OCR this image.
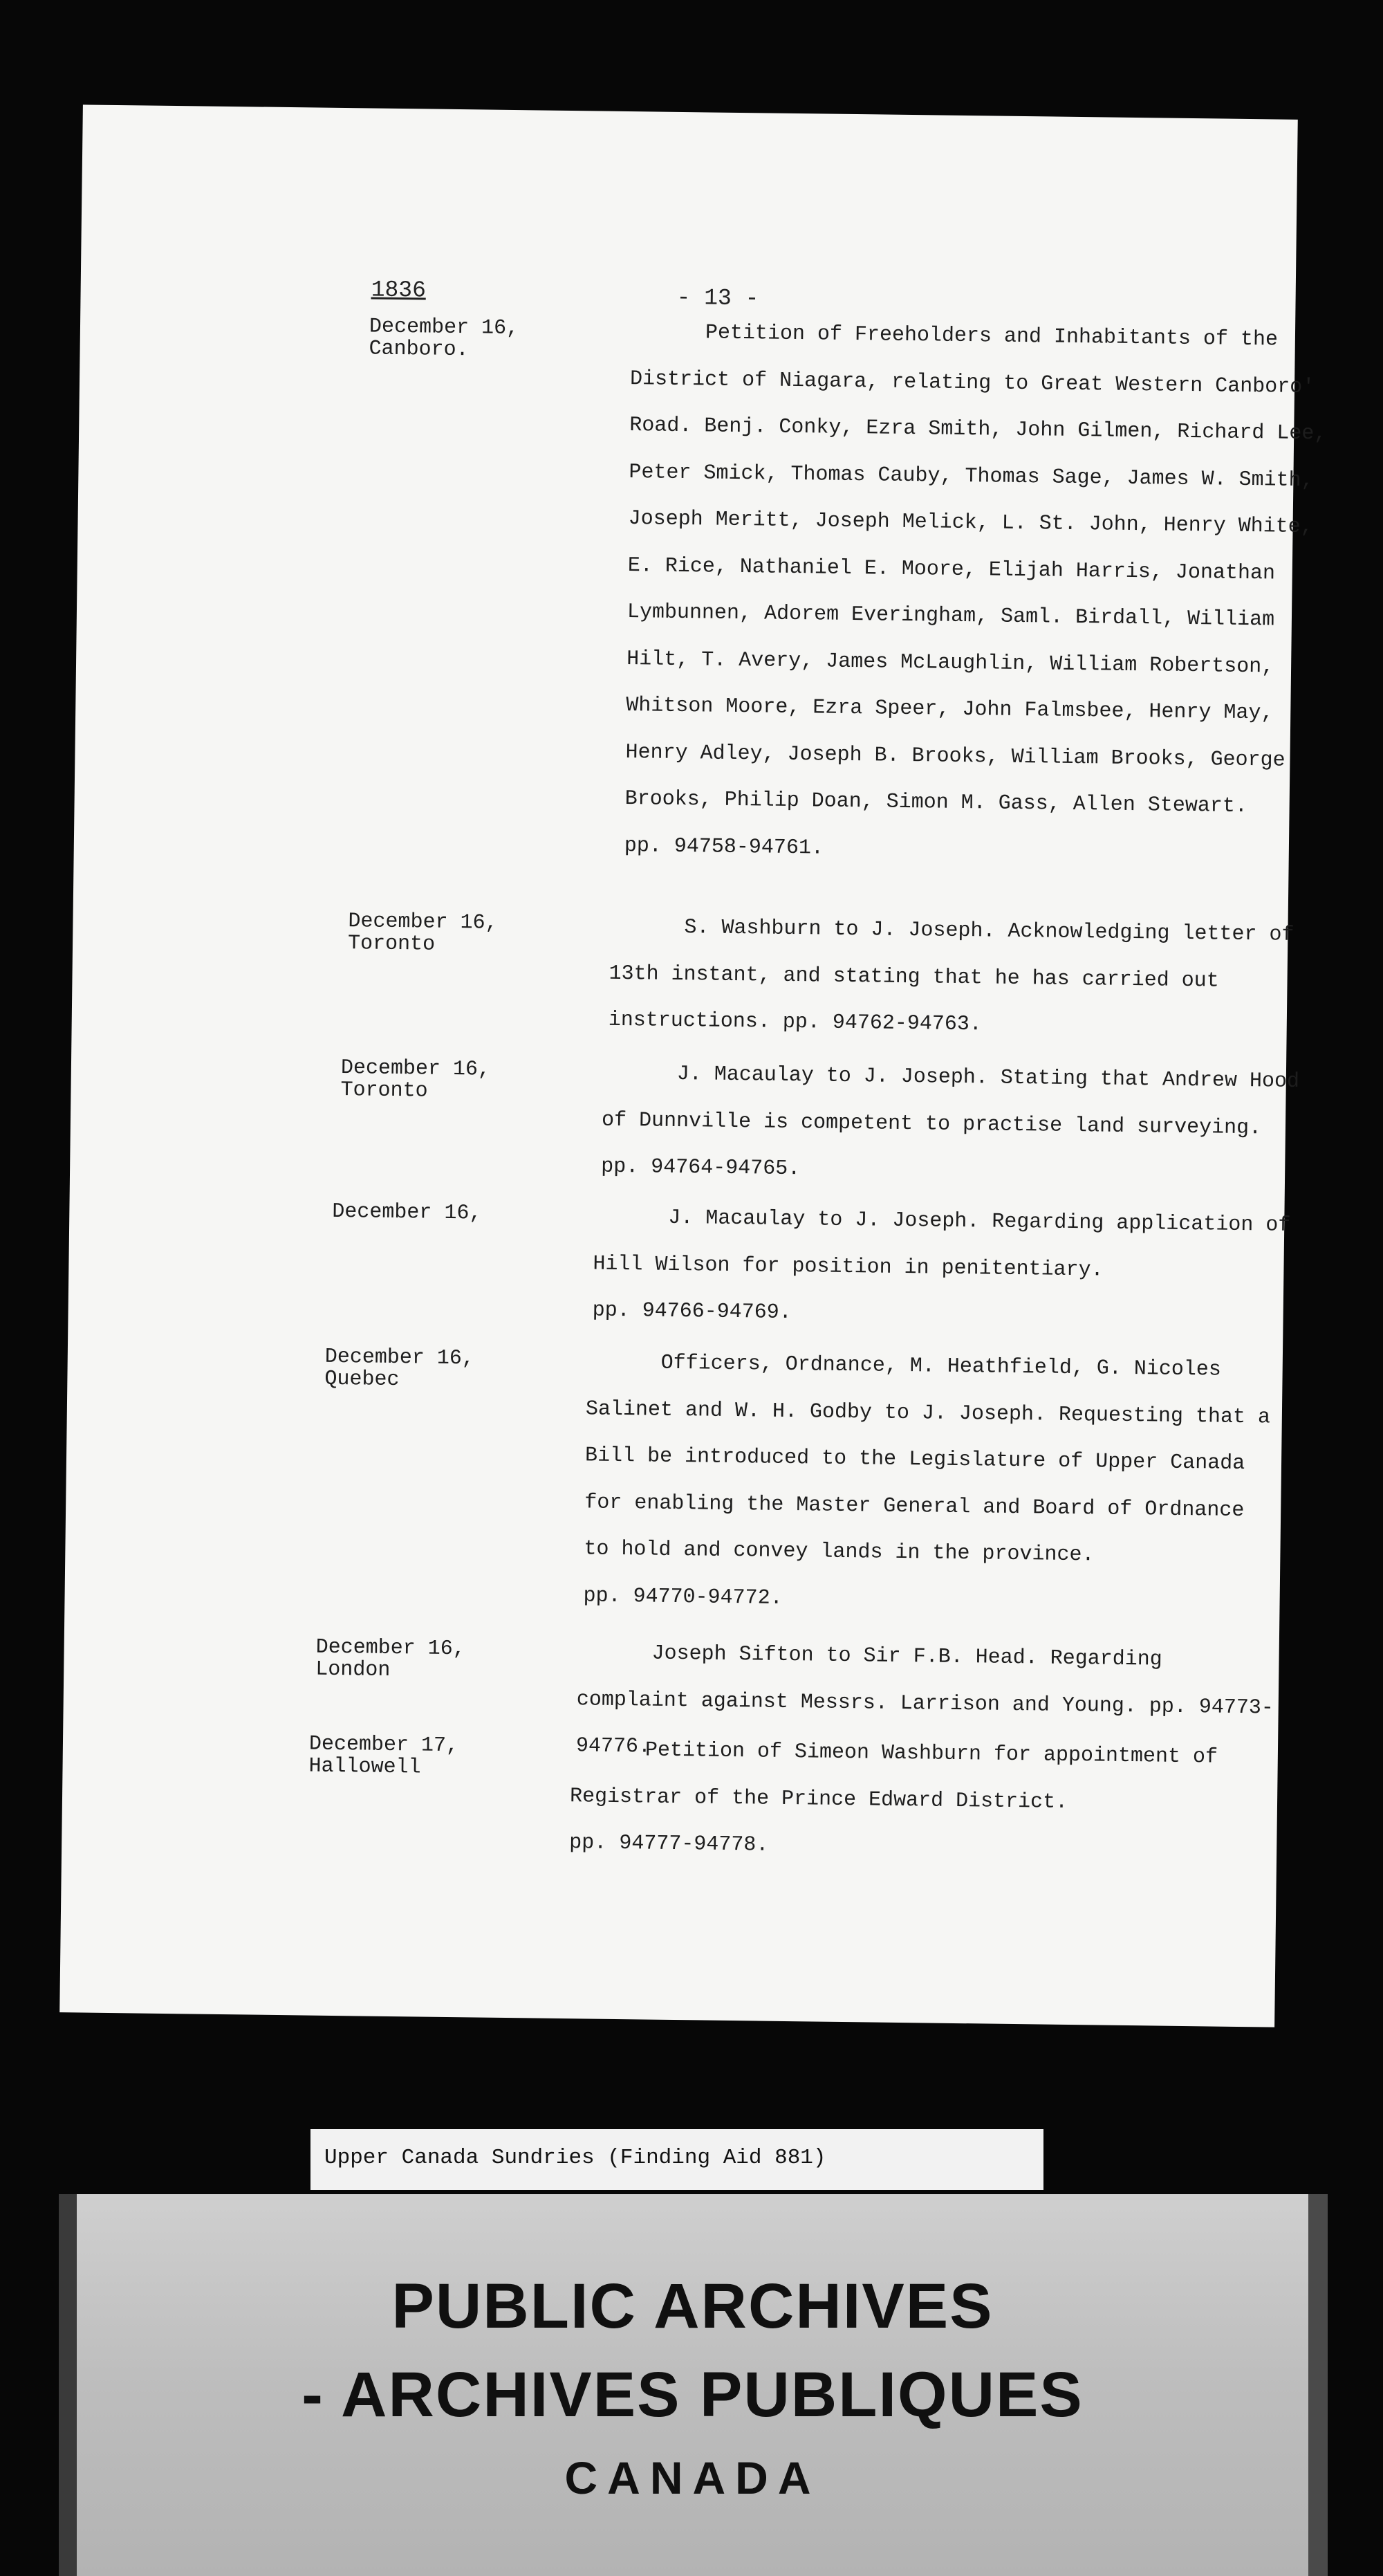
1836	- 13 -
December 16,
Canboro.	Petition of Freeholders and Inhabitants of the District of Niagara, relating to Great Western Canboro' Road. Benj. Conky, Ezra Smith, John Gilmen, Richard Lee, Peter Smick, Thomas Cauby, Thomas Sage, James W. Smith, Joseph Meritt, Joseph Melick, L. St. John, Henry White, E. Rice, Nathaniel E. Moore, Elijah Harris, Jonathan Lymbunnen, Adorem Everingham, Saml. Birdall, William Hilt, T. Avery, James McLaughlin, William Robertson, Whitson Moore, Ezra Speer, John Falmsbee, Henry May, Henry Adley, Joseph B. Brooks, William Brooks, George Brooks, Philip Doan, Simon M. Gass, Allen Stewart.
pp. 94758-94761.
December 16,
Toronto	S. Washburn to J. Joseph. Acknowledging letter of 13th instant, and stating that he has carried out instructions. pp. 94762-94763.
December 16,
Toronto	J. Macaulay to J. Joseph. Stating that Andrew Hood of Dunnville is competent to practise land surveying. pp. 94764-94765.
December 16,	J. Macaulay to J. Joseph. Regarding application of Hill Wilson for position in penitentiary.
pp. 94766-94769.
December 16,
Quebec	Officers, Ordnance, M. Heathfield, G. Nicoles Salinet and W. H. Godby to J. Joseph. Requesting that a Bill be introduced to the Legislature of Upper Canada for enabling the Master General and Board of Ordnance to hold and convey lands in the province.
pp. 94770-94772.
December 16,
London	Joseph Sifton to Sir F.B. Head. Regarding complaint against Messrs. Larrison and Young. pp. 94773-94776.
December 17,
Hallowell	Petition of Simeon Washburn for appointment of Registrar of the Prince Edward District.
pp. 94777-94778.
Upper Canada Sundries (Finding Aid 881)
PUBLIC ARCHIVES
- ARCHIVES PUBLIQUES
CANADA
